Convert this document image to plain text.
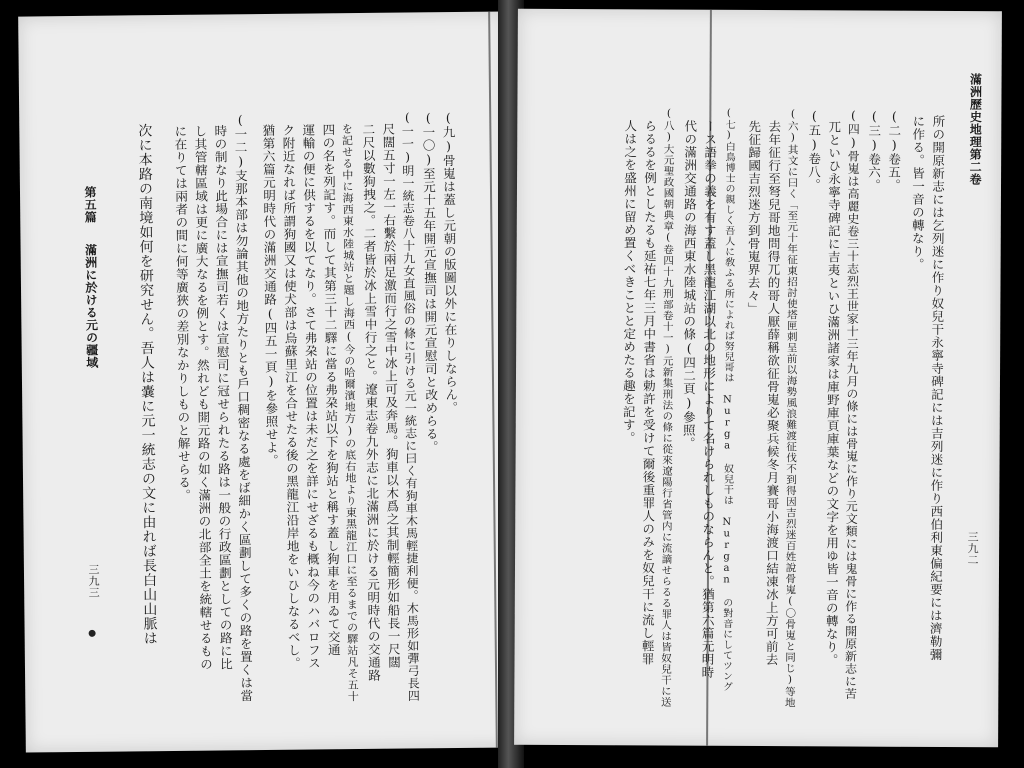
(九)骨嵬は蓋し元朝の版圖以外に在りしならん。
(一〇)至元十五年開元宣撫司は開元宣慰司と改めらる。
(一一)明一統志卷八十九女直風俗の條に引ける元一統志に曰く有狗車木馬輕捷利便。木馬形如彈弓長四
尺闊五寸一左一右繫於兩足激而行之雪中冰上可及奔馬。狗車以木爲之其制輕簡形如船長一尺闊
二尺以數狗拽之。二者皆於冰上雪中行之と。遼東志卷九外志に北滿洲に於ける元明時代の交通路
を記せる中に海西東水陸城站と題し海西(今の哈爾濱地方)の底右地より東黑龍江口に至るまでの驛站凡そ五十
四の名を列記す。而して其第三十二驛に當る弗朶站以下を狗站と稱す蓋し狗車を用ゐて交通
運輸の便に供するを以てなり。さて弗朶站の位置は未だ之を詳にせざるも概ね今のハバロフス
ク附近なれば所謂狗國又は使犬部は烏蘇里江を合せたる後の黑龍江沿岸地をいひしなるべし。
猶第六篇元明時代の滿洲交通路(四五一頁)を參照せよ。
(一二)支那本部は勿論其他の地方たりとも戶口稠密なる處をば細かく區劃して多くの路を置くは當
時の制なり此場合には宣撫司若くは宣慰司に冠せられたる路は一般の行政區劃としての路に比
し其管轄區域は更に廣大なるを例とす。然れども開元路の如く滿洲の北部全土を統轄せるもの
に在りては兩者の間に何等廣狹の差別なかりしものと解せらる。
次に本路の南境如何を研究せん。吾人は嚢に元一統志の文に由れば長白山山脈は
第五篇
滿洲に於ける元の疆域
三九三
滿洲歷史地理第二卷
三九二
所の開原新志には乞列迷に作り奴兒干永寧寺碑記には吉列迷に作り西伯利東偏紀要には濟勒彌
に作る。皆一音の轉なり。
(二)卷五。
(三)卷六。
(四)骨嵬は高麗史卷三十志烈王世家十三年九月の條には骨嵬に作り元文類には鬼骨に作る開原新志に苦
兀といひ永寧寺碑記に吉夷といひ滿洲諸家は庫野庫頁庫葉などの文字を用ゆ皆一音の轉なり。
(五)卷八。
(六)其文に曰く「至元十年征東招討使塔匣刺呈前以海勢風浪難渡征伐不到得因吉烈迷百姓說骨嵬(〇骨嵬と同じ)等地
去年征行至弩兒哥地問得兀的哥人厭薛稱欲征骨嵬必聚兵候冬月賽哥小海渡口結凍冰上方可前去
先征歸國吉烈迷方到骨嵬界去々」
(七)白鳥博士の親しく吾人に敎ふる所によれば努兒哥は Nurga 奴兒干は Nurgan の對音にしてツング
ース語拳の義を有す蓋し黑龍江湖以北の地形によりて名けられしものならんと。猶第六篇元明時
代の滿洲交通路の海西東水陸城站の條(四二頁)參照。
(八)大元聖政國朝典章(卷四十九刑部卷十一)元新集刑法の條に從來遼陽行省管内に流謫せらるる罪人は皆奴兒干に送
らるるを例としたるも延祐七年三月中書省は勅許を受けて爾後重罪人のみを奴兒干に流し輕罪
人は之を盛州に留め置くべきことと定めたる趣を記す。
